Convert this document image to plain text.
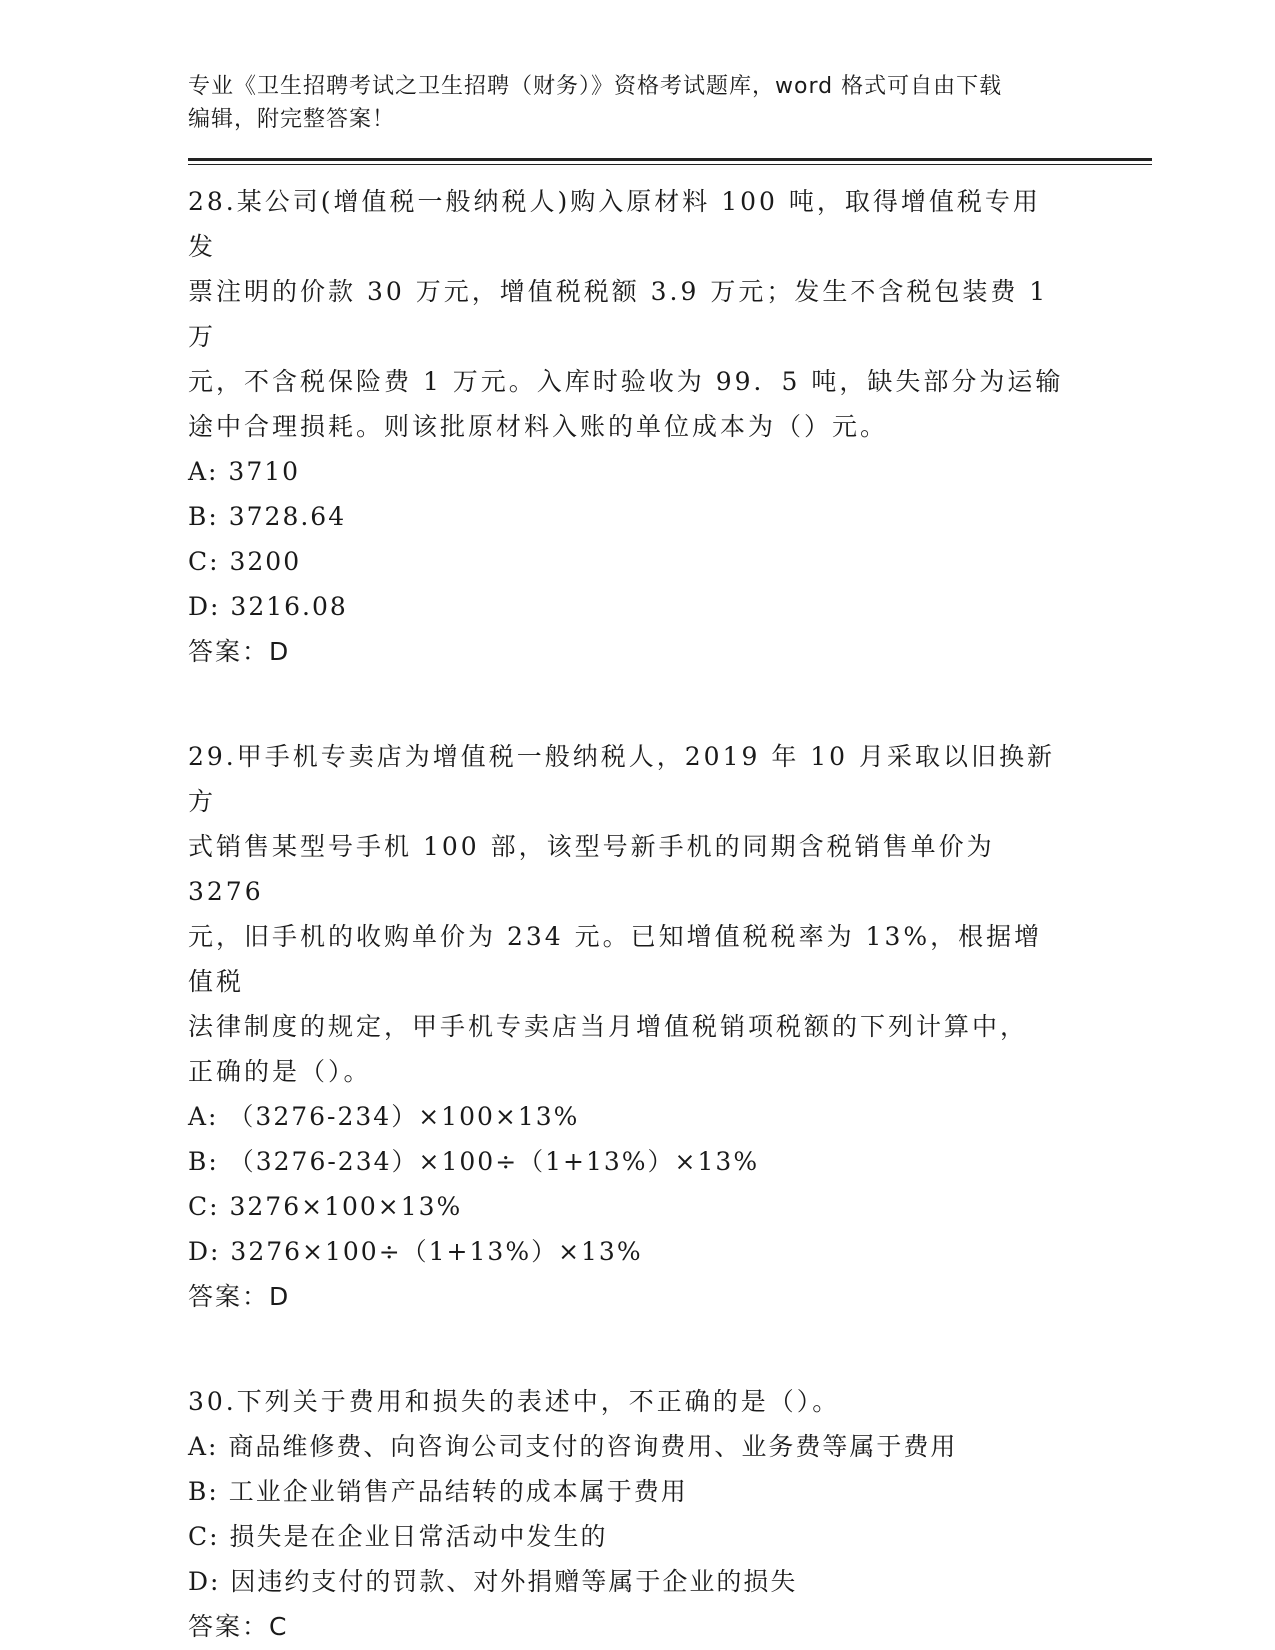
专业《卫生招聘考试之卫生招聘（财务）》资格考试题库，word 格式可自由下载
编辑，附完整答案！
28.某公司(增值税一般纳税人)购入原材料 100 吨，取得增值税专用发
票注明的价款 30 万元，增值税税额 3.9 万元；发生不含税包装费 1 万
元，不含税保险费 1 万元。入库时验收为 99．5 吨，缺失部分为运输
途中合理损耗。则该批原材料入账的单位成本为（）元。
A: 3710
B: 3728.64
C: 3200
D: 3216.08
答案：D
29.甲手机专卖店为增值税一般纳税人，2019 年 10 月采取以旧换新方
式销售某型号手机 100 部，该型号新手机的同期含税销售单价为 3276
元，旧手机的收购单价为 234 元。已知增值税税率为 13%，根据增值税
法律制度的规定，甲手机专卖店当月增值税销项税额的下列计算中，
正确的是（）。
A: （3276-234）×100×13%
B: （3276-234）×100÷（1+13%）×13%
C: 3276×100×13%
D: 3276×100÷（1+13%）×13%
答案：D
30.下列关于费用和损失的表述中，不正确的是（）。
A: 商品维修费、向咨询公司支付的咨询费用、业务费等属于费用
B: 工业企业销售产品结转的成本属于费用
C: 损失是在企业日常活动中发生的
D: 因违约支付的罚款、对外捐赠等属于企业的损失
答案：C
